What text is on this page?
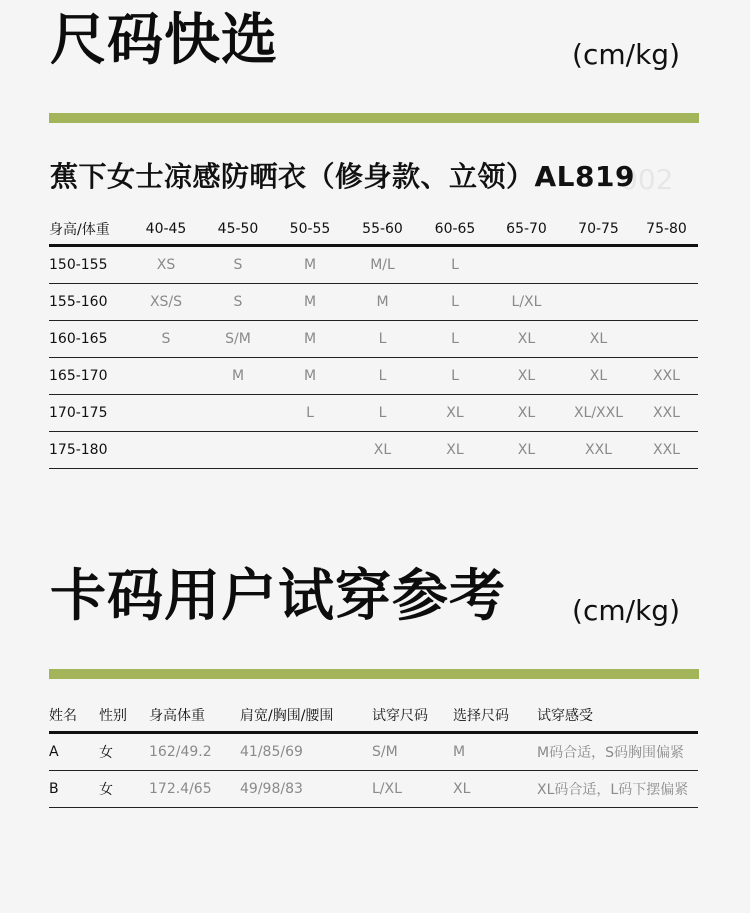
尺码快选	(cm/kg)
蕉下女士凉感防晒衣（修身款、立领）AL819
002
身高/体重	40-45	45-50	50-55	55-60	60-65	65-70	70-75	75-80
150-155	XS	S	M	M/L	L			
155-160	XS/S	S	M	M	L	L/XL		
160-165	S	S/M	M	L	L	XL	XL	
165-170		M	M	L	L	XL	XL	XXL
170-175			L	L	XL	XL	XL/XXL	XXL
175-180				XL	XL	XL	XXL	XXL
卡码用户试穿参考 (cm/kg)
姓名	性别	身高体重	肩宽/胸围/腰围	试穿尺码	选择尺码	试穿感受
A	女	162/49.2	41/85/69	S/M	M	M码合适，S码胸围偏紧
B	女	172.4/65	49/98/83	L/XL	XL	XL码合适，L码下摆偏紧
